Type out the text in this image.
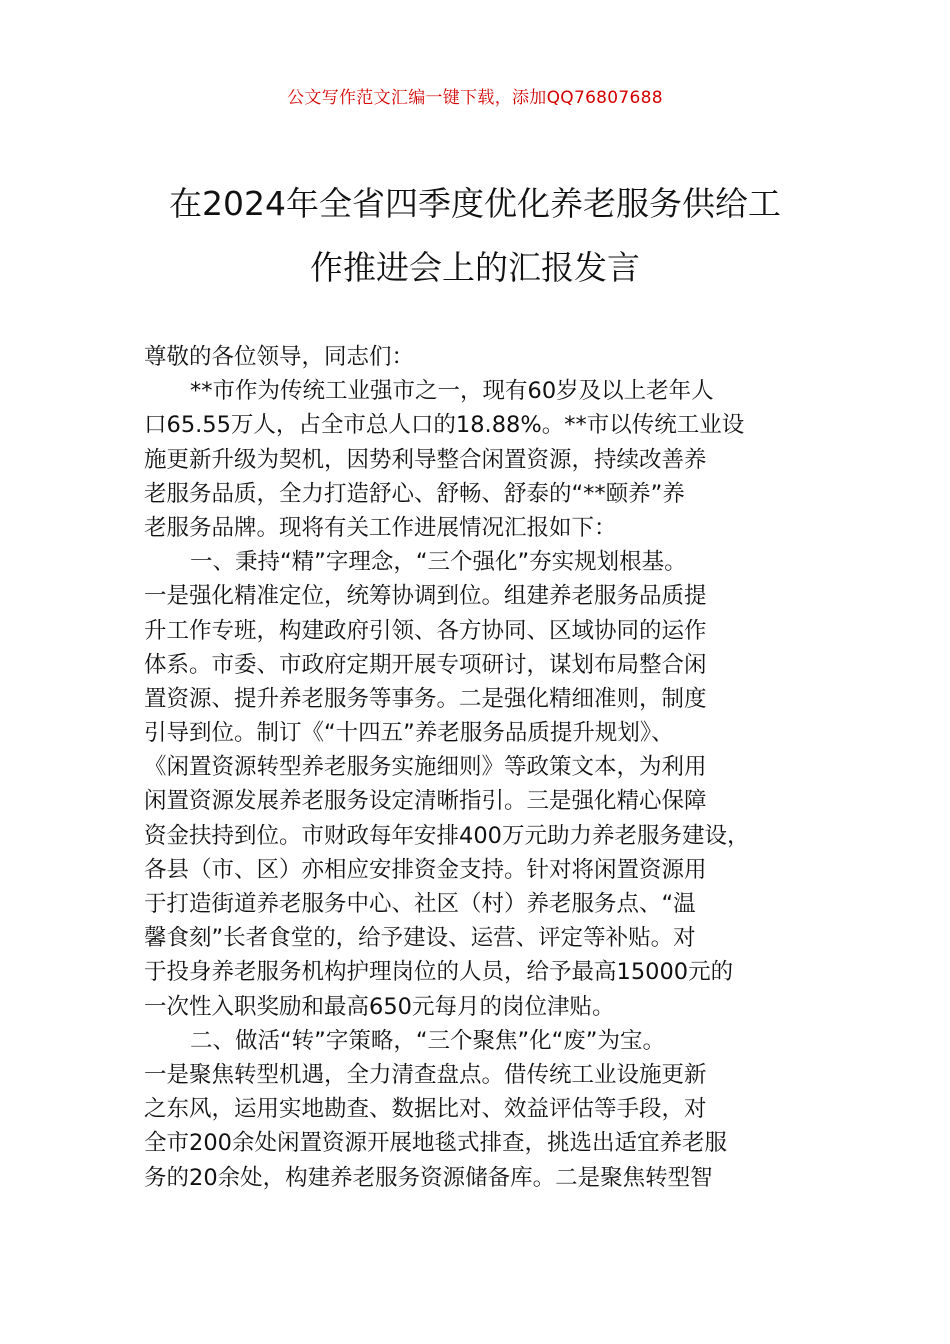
公文写作范文汇编一键下载，添加QQ76807688
在2024年全省四季度优化养老服务供给工
作推进会上的汇报发言
尊敬的各位领导，同志们：
**市作为传统工业强市之一，现有60岁及以上老年人
口65.55万人，占全市总人口的18.88%。**市以传统工业设
施更新升级为契机，因势利导整合闲置资源，持续改善养
老服务品质，全力打造舒心、舒畅、舒泰的“**颐养”养
老服务品牌。现将有关工作进展情况汇报如下：
一、秉持“精”字理念，“三个强化”夯实规划根基。
一是强化精准定位，统筹协调到位。组建养老服务品质提
升工作专班，构建政府引领、各方协同、区域协同的运作
体系。市委、市政府定期开展专项研讨，谋划布局整合闲
置资源、提升养老服务等事务。二是强化精细准则，制度
引导到位。制订《“十四五”养老服务品质提升规划》、
《闲置资源转型养老服务实施细则》等政策文本，为利用
闲置资源发展养老服务设定清晰指引。三是强化精心保障
资金扶持到位。市财政每年安排400万元助力养老服务建设，
各县（市、区）亦相应安排资金支持。针对将闲置资源用
于打造街道养老服务中心、社区（村）养老服务点、“温
馨食刻”长者食堂的，给予建设、运营、评定等补贴。对
于投身养老服务机构护理岗位的人员，给予最高15000元的
一次性入职奖励和最高650元每月的岗位津贴。
二、做活“转”字策略，“三个聚焦”化“废”为宝。
一是聚焦转型机遇，全力清查盘点。借传统工业设施更新
之东风，运用实地勘查、数据比对、效益评估等手段，对
全市200余处闲置资源开展地毯式排查，挑选出适宜养老服
务的20余处，构建养老服务资源储备库。二是聚焦转型智
